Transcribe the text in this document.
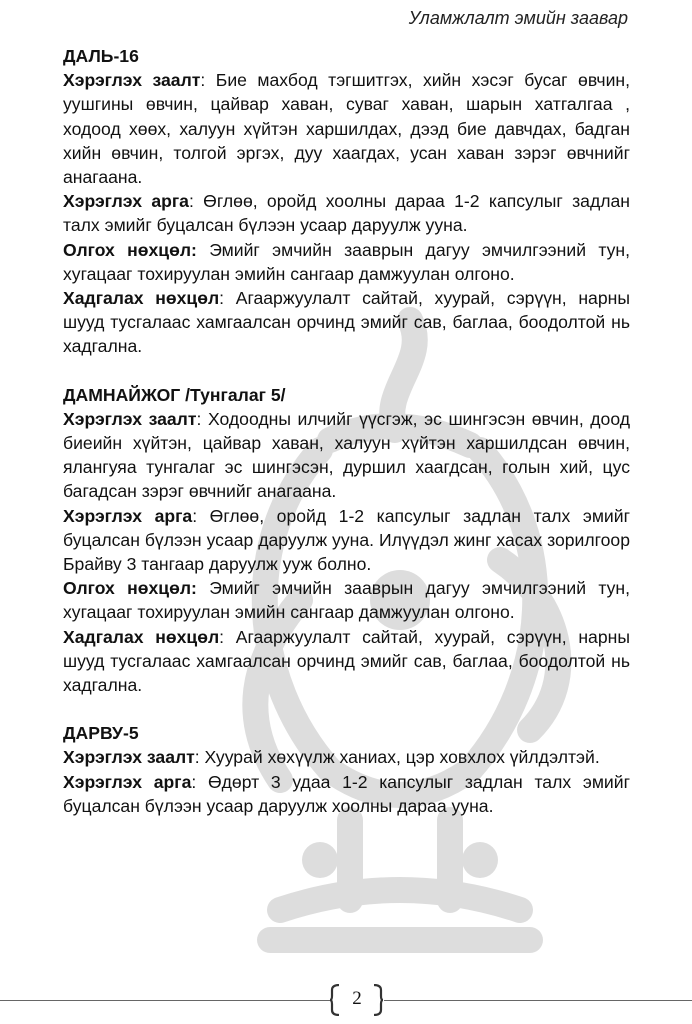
Уламжлалт эмийн заавар

ДАЛЬ-16

Хэрэглэх заалт: Бие махбод тэгшитгэх, хийн хэсэг бусаг өвчин, уушгины өвчин, цайвар хаван, суваг хаван, шарын хатгалгаа , ходоод хөөх, халуун хүйтэн харшилдах, дээд бие давчдах, бадган хийн өвчин, толгой эргэх, дуу хаагдах, усан хаван зэрэг өвчнийг анагаана.

Хэрэглэх арга: Өглөө, оройд хоолны дараа 1-2 капсулыг задлан талх эмийг буцалсан бүлээн усаар даруулж ууна.

Олгох нөхцөл: Эмийг эмчийн зааврын дагуу эмчилгээний тун, хугацааг тохируулан эмийн сангаар дамжуулан олгоно.

Хадгалах нөхцөл: Агааржуулалт сайтай, хуурай, сэрүүн, нарны шууд тусгалаас хамгаалсан орчинд эмийг сав, баглаа, боодолтой нь хадгална.

ДАМНАЙЖОГ /Тунгалаг 5/

Хэрэглэх заалт: Ходоодны илчийг үүсгэж, эс шингэсэн өвчин, доод биеийн хүйтэн, цайвар хаван, халуун хүйтэн харшилдсан өвчин, ялангуяа тунгалаг эс шингэсэн, дуршил хаагдсан, голын хий, цус багадсан зэрэг өвчнийг анагаана.

Хэрэглэх арга: Өглөө, оройд 1-2 капсулыг задлан талх эмийг буцалсан бүлээн усаар даруулж ууна. Илүүдэл жинг хасах зорилгоор Брайву 3 тангаар даруулж ууж болно.

Олгох нөхцөл: Эмийг эмчийн зааврын дагуу эмчилгээний тун, хугацааг тохируулан эмийн сангаар дамжуулан олгоно.

Хадгалах нөхцөл: Агааржуулалт сайтай, хуурай, сэрүүн, нарны шууд тусгалаас хамгаалсан орчинд эмийг сав, баглаа, боодолтой нь хадгална.

ДАРВУ-5

Хэрэглэх заалт: Хуурай хөхүүлж ханиах, цэр ховхлох үйлдэлтэй.

Хэрэглэх арга: Өдөрт 3 удаа 1-2 капсулыг задлан талх эмийг буцалсан бүлээн усаар даруулж хоолны дараа ууна.

2
